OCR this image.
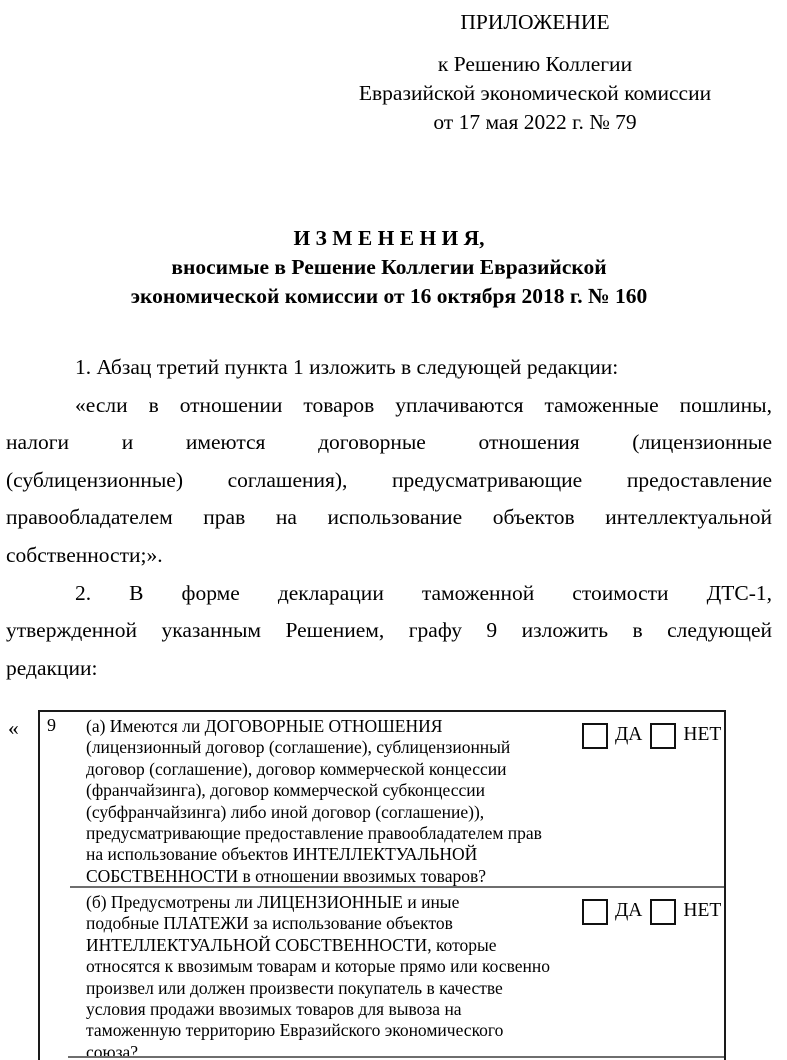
ПРИЛОЖЕНИЕ
к Решению Коллегии
Евразийской экономической комиссии
от 17 мая 2022 г. № 79
И З М Е Н Е Н И Я,
вносимые в Решение Коллегии Евразийской
экономической комиссии от 16 октября 2018 г. № 160
1. Абзац третий пункта 1 изложить в следующей редакции:
«если в отношении товаров уплачиваются таможенные пошлины,
налоги и имеются договорные отношения (лицензионные
(сублицензионные) соглашения), предусматривающие предоставление
правообладателем прав на использование объектов интеллектуальной
собственности;».
2. В форме декларации таможенной стоимости ДТС-1,
утвержденной указанным Решением, графу 9 изложить в следующей
редакции:
«	9	(а) Имеются ли ДОГОВОРНЫЕ ОТНОШЕНИЯ
(лицензионный договор (соглашение), сублицензионный
договор (соглашение), договор коммерческой концессии
(франчайзинга), договор коммерческой субконцессии
(субфранчайзинга) либо иной договор (соглашение)),
предусматривающие предоставление правообладателем прав
на использование объектов ИНТЕЛЛЕКТУАЛЬНОЙ
СОБСТВЕННОСТИ в отношении ввозимых товаров?
ДА НЕТ
(б) Предусмотрены ли ЛИЦЕНЗИОННЫЕ и иные
подобные ПЛАТЕЖИ за использование объектов
ИНТЕЛЛЕКТУАЛЬНОЙ СОБСТВЕННОСТИ, которые
относятся к ввозимым товарам и которые прямо или косвенно
произвел или должен произвести покупатель в качестве
условия продажи ввозимых товаров для вывоза на
таможенную территорию Евразийского экономического
союза?
ДА НЕТ
